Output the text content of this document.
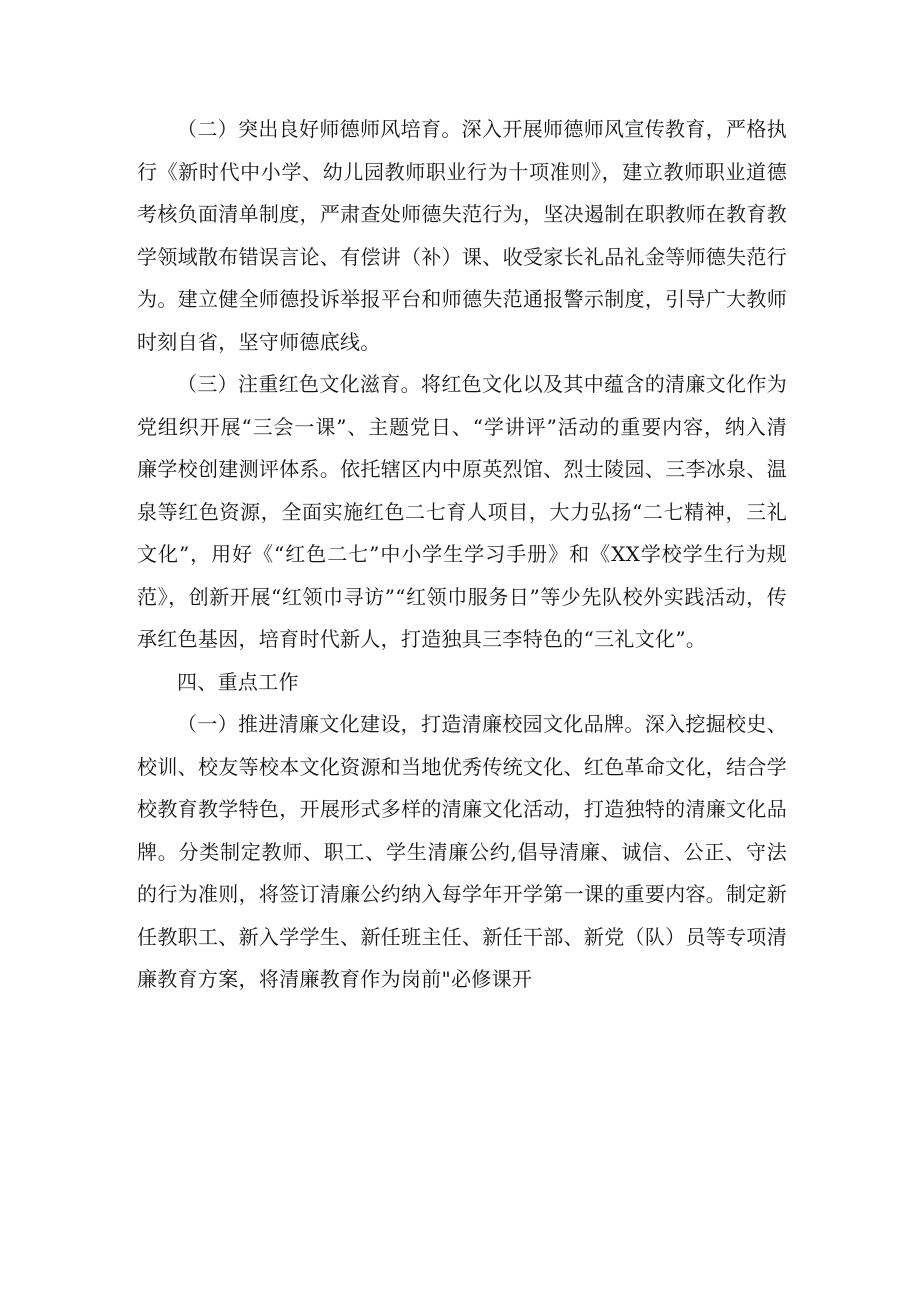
（二）突出良好师德师风培育。深入开展师德师风宣传教育，严格执行《新时代中小学、幼儿园教师职业行为十项准则》，建立教师职业道德考核负面清单制度，严肃查处师德失范行为，坚决遏制在职教师在教育教学领域散布错误言论、有偿讲（补）课、收受家长礼品礼金等师德失范行为。建立健全师德投诉举报平台和师德失范通报警示制度，引导广大教师时刻自省，坚守师德底线。

（三）注重红色文化滋育。将红色文化以及其中蕴含的清廉文化作为党组织开展“三会一课”、主题党日、“学讲评”活动的重要内容，纳入清廉学校创建测评体系。依托辖区内中原英烈馆、烈士陵园、三李冰泉、温泉等红色资源，全面实施红色二七育人项目，大力弘扬“二七精神，三礼文化”，用好《“红色二七”中小学生学习手册》和《XX学校学生行为规范》，创新开展“红领巾寻访”“红领巾服务日”等少先队校外实践活动，传承红色基因，培育时代新人，打造独具三李特色的“三礼文化”。

四、重点工作

（一）推进清廉文化建设，打造清廉校园文化品牌。深入挖掘校史、校训、校友等校本文化资源和当地优秀传统文化、红色革命文化，结合学校教育教学特色，开展形式多样的清廉文化活动，打造独特的清廉文化品牌。分类制定教师、职工、学生清廉公约,倡导清廉、诚信、公正、守法的行为准则，将签订清廉公约纳入每学年开学第一课的重要内容。制定新任教职工、新入学学生、新任班主任、新任干部、新党（队）员等专项清廉教育方案，将清廉教育作为岗前"必修课开
